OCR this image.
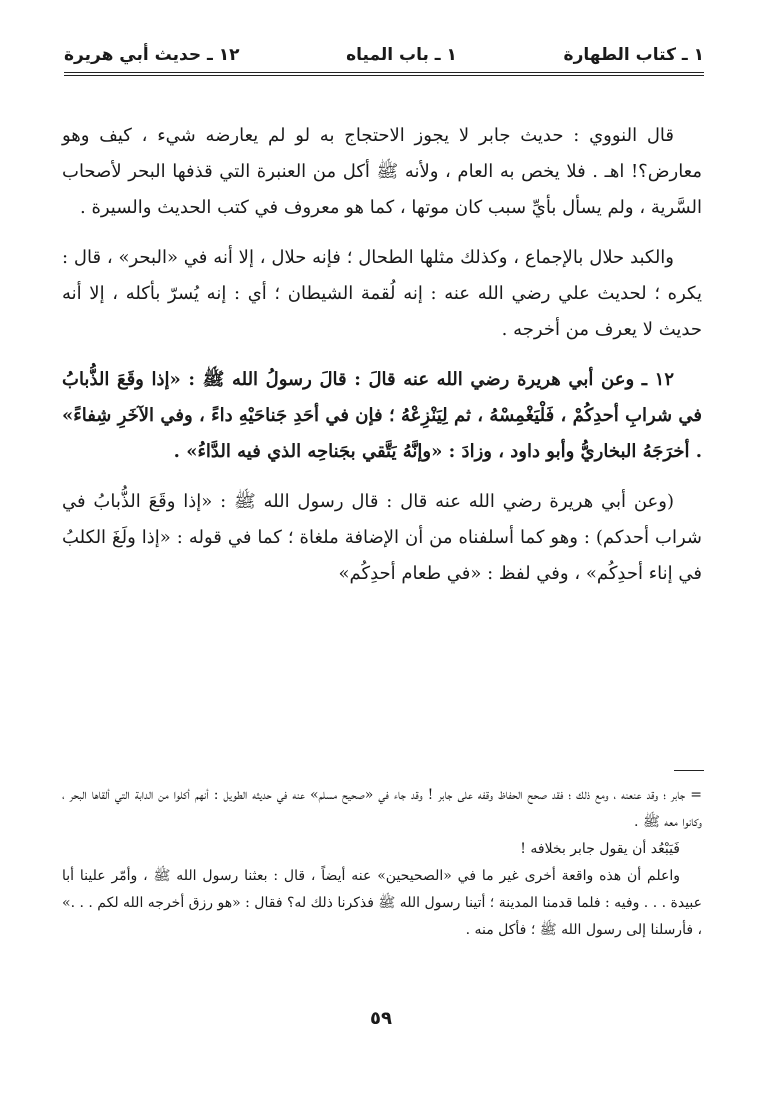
١ ـ كتاب الطهارة
١ ـ باب المياه
١٢ ـ حديث أبي هريرة

قال النووي : حديث جابر لا يجوز الاحتجاج به لو لم يعارضه شيء ، كيف وهو معارض؟! اهـ . فلا يخص به العام ، ولأنه ﷺ أكل من العنبرة التي قذفها البحر لأصحاب السَّرية ، ولم يسأل بأيِّ سبب كان موتها ، كما هو معروف في كتب الحديث والسيرة .

والكبد حلال بالإجماع ، وكذلك مثلها الطحال ؛ فإنه حلال ، إلا أنه في «البحر» ، قال : يكره ؛ لحديث علي رضي الله عنه : إنه لُقمة الشيطان ؛ أي : إنه يُسرّ بأكله ، إلا أنه حديث لا يعرف من أخرجه .

١٢ ـ وعن أبي هريرة رضي الله عنه قالَ : قالَ رسولُ الله ﷺ : «إذا وقَعَ الذُّبابُ في شرابِ أحدِكُمْ ، فَلْيَغْمِسْهُ ، ثم لِيَنْزِعْهُ ؛ فإن في أحَدِ جَناحَيْهِ داءً ، وفي الآخَرِ شِفاءً» . أخرَجَهُ البخاريُّ وأبو داود ، وزادَ : «وإنَّهُ يَتَّقي بجَناحِه الذي فيه الدَّاءُ» .

(وعن أبي هريرة رضي الله عنه قال : قال رسول الله ﷺ : «إذا وقَعَ الذُّبابُ في شراب أحدكم) : وهو كما أسلفناه من أن الإضافة ملغاة ؛ كما في قوله : «إذا ولَغَ الكلبُ في إناء أحدِكُم» ، وفي لفظ : «في طعام أحدِكُم»

= جابر ؛ وقد عنعنه ، ومع ذلك ؛ فقد صحح الحفاظ وقفه على جابر ! وقد جاء في «صحيح مسلم» عنه في حديثه الطويل : أنهم أكلوا من الدابة التي ألقاها البحر ، وكانوا معه ﷺ .

فَيَبْعُد أن يقول جابر بخلافه !

واعلم أن هذه واقعة أخرى غير ما في «الصحيحين» عنه أيضاً ، قال : بعثنا رسول الله ﷺ ، وأمّر علينا أبا عبيدة . . . وفيه : فلما قدمنا المدينة ؛ أتينا رسول الله ﷺ فذكرنا ذلك له؟ فقال : «هو رزق أخرجه الله لكم . . .» ، فأرسلنا إلى رسول الله ﷺ ؛ فأكل منه .

٥٩
